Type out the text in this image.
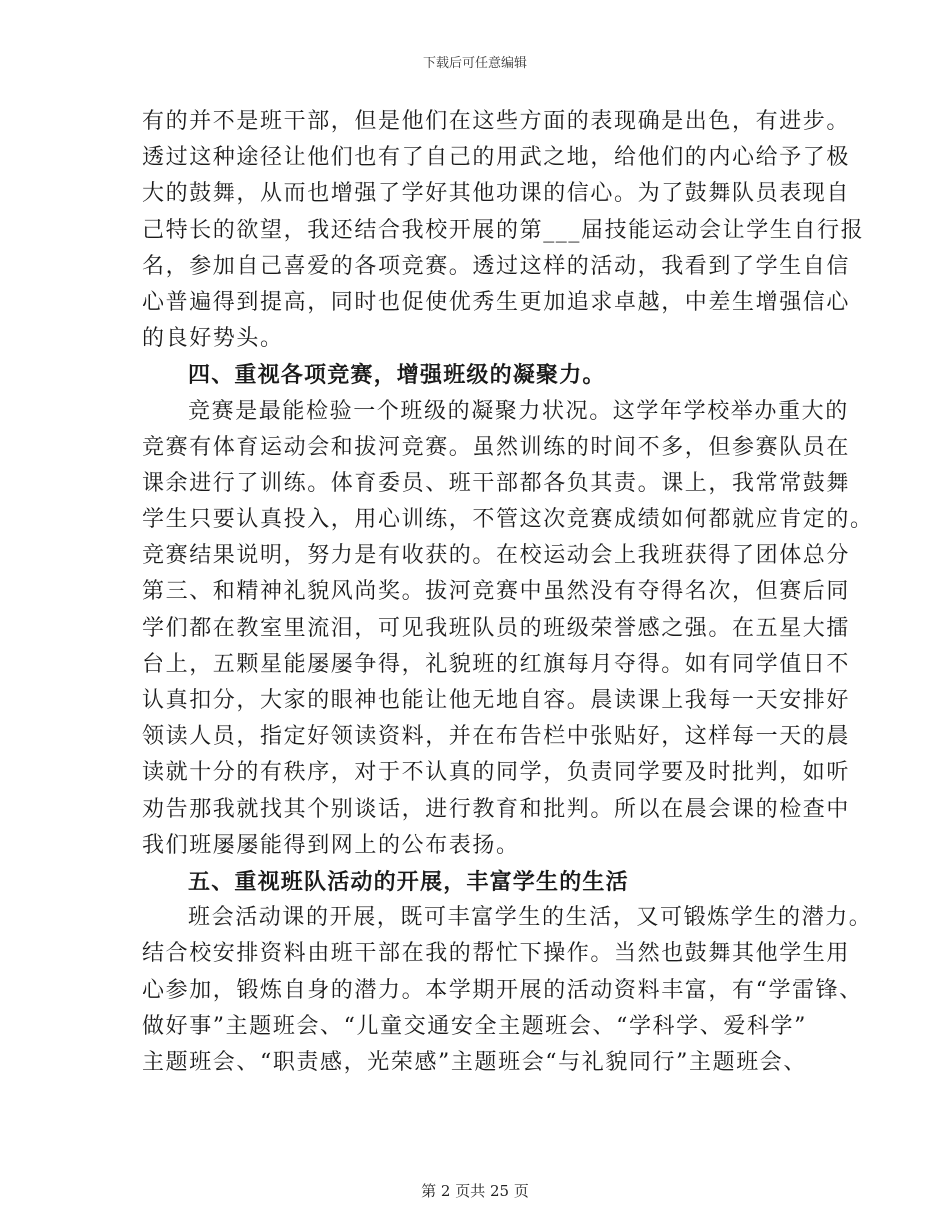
下载后可任意编辑
有的并不是班干部，但是他们在这些方面的表现确是出色，有进步。
透过这种途径让他们也有了自己的用武之地，给他们的内心给予了极
大的鼓舞，从而也增强了学好其他功课的信心。为了鼓舞队员表现自
己特长的欲望，我还结合我校开展的第___届技能运动会让学生自行报
名，参加自己喜爱的各项竞赛。透过这样的活动，我看到了学生自信
心普遍得到提高，同时也促使优秀生更加追求卓越，中差生增强信心
的良好势头。
四、重视各项竞赛，增强班级的凝聚力。
竞赛是最能检验一个班级的凝聚力状况。这学年学校举办重大的
竞赛有体育运动会和拔河竞赛。虽然训练的时间不多，但参赛队员在
课余进行了训练。体育委员、班干部都各负其责。课上，我常常鼓舞
学生只要认真投入，用心训练，不管这次竞赛成绩如何都就应肯定的。
竞赛结果说明，努力是有收获的。在校运动会上我班获得了团体总分
第三、和精神礼貌风尚奖。拔河竞赛中虽然没有夺得名次，但赛后同
学们都在教室里流泪，可见我班队员的班级荣誉感之强。在五星大擂
台上，五颗星能屡屡争得，礼貌班的红旗每月夺得。如有同学值日不
认真扣分，大家的眼神也能让他无地自容。晨读课上我每一天安排好
领读人员，指定好领读资料，并在布告栏中张贴好，这样每一天的晨
读就十分的有秩序，对于不认真的同学，负责同学要及时批判，如听
劝告那我就找其个别谈话，进行教育和批判。所以在晨会课的检查中
我们班屡屡能得到网上的公布表扬。
五、重视班队活动的开展，丰富学生的生活
班会活动课的开展，既可丰富学生的生活，又可锻炼学生的潜力。
结合校安排资料由班干部在我的帮忙下操作。当然也鼓舞其他学生用
心参加，锻炼自身的潜力。本学期开展的活动资料丰富，有“学雷锋、
做好事”主题班会、“儿童交通安全主题班会、“学科学、爱科学”
主题班会、“职责感，光荣感”主题班会“与礼貌同行”主题班会、
第 2 页共 25 页
